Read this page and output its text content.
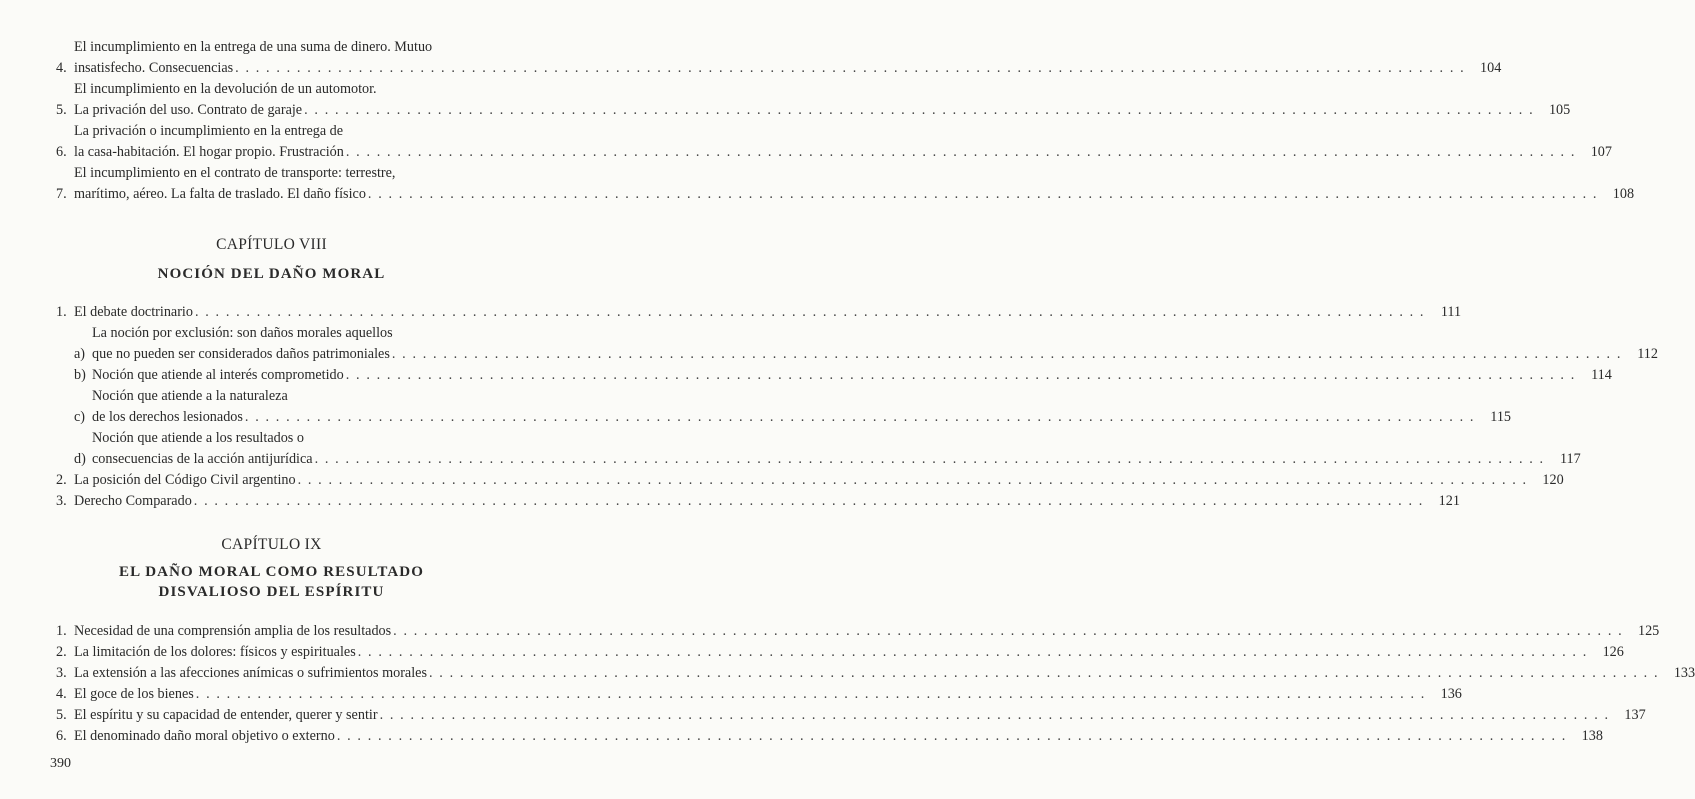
4.
El incumplimiento en la entrega de una suma de dinero. Mutuo
insatisfecho. Consecuencias . . . . . . . . . . . . . . . . . . . . . . . . . . . . . . . . . . . . . . . . . . . . . . . . . . . . . . . . . . . . . . . . . . . . . . . . . . . . . . . . . . . . . . . . . . . . . . . . . . . . . . . . . . . . . . . . . . . . . . . .	104
5.
El incumplimiento en la devolución de un automotor.
La privación del uso. Contrato de garaje . . . . . . . . . . . . . . . . . . . . . . . . . . . . . . . . . . . . . . . . . . . . . . . . . . . . . . . . . . . . . . . . . . . . . . . . . . . . . . . . . . . . . . . . . . . . . . . . . . . . . . . . . . . . . . . . . . . . . . . .	105
6.
La privación o incumplimiento en la entrega de
la casa-habitación. El hogar propio. Frustración . . . . . . . . . . . . . . . . . . . . . . . . . . . . . . . . . . . . . . . . . . . . . . . . . . . . . . . . . . . . . . . . . . . . . . . . . . . . . . . . . . . . . . . . . . . . . . . . . . . . . . . . . . . . . . . . . . . . . . . .	107
7.
El incumplimiento en el contrato de transporte: terrestre,
marítimo, aéreo. La falta de traslado. El daño físico . . . . . . . . . . . . . . . . . . . . . . . . . . . . . . . . . . . . . . . . . . . . . . . . . . . . . . . . . . . . . . . . . . . . . . . . . . . . . . . . . . . . . . . . . . . . . . . . . . . . . . . . . . . . . . . . . . . . . . . .	108
CAPÍTULO VIII
NOCIÓN DEL DAÑO MORAL
1. El debate doctrinario . . . . . . . . . . . . . . . . . . . . . . . . . . . . . . . . . . . . . . . . . . . . . . . . . . . . . . . . . . . . . . . . . . . . . . . . . . . . . . . . . . . . . . . . . . . . . . . . . . . . . . . . . . . . . . . . . . . . . . . .	111
a)
La noción por exclusión: son daños morales aquellos
que no pueden ser considerados daños patrimoniales . . . . . . . . . . . . . . . . . . . . . . . . . . . . . . . . . . . . . . . . . . . . . . . . . . . . . . . . . . . . . . . . . . . . . . . . . . . . . . . . . . . . . . . . . . . . . . . . . . . . . . . . . . . . . . . . . . . . . . . .	112
b) Noción que atiende al interés comprometido . . . . . . . . . . . . . . . . . . . . . . . . . . . . . . . . . . . . . . . . . . . . . . . . . . . . . . . . . . . . . . . . . . . . . . . . . . . . . . . . . . . . . . . . . . . . . . . . . . . . . . . . . . . . . . . . . . . . . . . .	114
c)
Noción que atiende a la naturaleza
de los derechos lesionados . . . . . . . . . . . . . . . . . . . . . . . . . . . . . . . . . . . . . . . . . . . . . . . . . . . . . . . . . . . . . . . . . . . . . . . . . . . . . . . . . . . . . . . . . . . . . . . . . . . . . . . . . . . . . . . . . . . . . . . .	115
d)
Noción que atiende a los resultados o
consecuencias de la acción antijurídica . . . . . . . . . . . . . . . . . . . . . . . . . . . . . . . . . . . . . . . . . . . . . . . . . . . . . . . . . . . . . . . . . . . . . . . . . . . . . . . . . . . . . . . . . . . . . . . . . . . . . . . . . . . . . . . . . . . . . . . .	117
2. La posición del Código Civil argentino . . . . . . . . . . . . . . . . . . . . . . . . . . . . . . . . . . . . . . . . . . . . . . . . . . . . . . . . . . . . . . . . . . . . . . . . . . . . . . . . . . . . . . . . . . . . . . . . . . . . . . . . . . . . . . . . . . . . . . . .	120
3. Derecho Comparado . . . . . . . . . . . . . . . . . . . . . . . . . . . . . . . . . . . . . . . . . . . . . . . . . . . . . . . . . . . . . . . . . . . . . . . . . . . . . . . . . . . . . . . . . . . . . . . . . . . . . . . . . . . . . . . . . . . . . . . .	121
CAPÍTULO IX
EL DAÑO MORAL COMO RESULTADO
DISVALIOSO DEL ESPÍRITU
1. Necesidad de una comprensión amplia de los resultados . . . . . . . . . . . . . . . . . . . . . . . . . . . . . . . . . . . . . . . . . . . . . . . . . . . . . . . . . . . . . . . . . . . . . . . . . . . . . . . . . . . . . . . . . . . . . . . . . . . . . . . . . . . . . . . . . . . . . . . .	125
2. La limitación de los dolores: físicos y espirituales . . . . . . . . . . . . . . . . . . . . . . . . . . . . . . . . . . . . . . . . . . . . . . . . . . . . . . . . . . . . . . . . . . . . . . . . . . . . . . . . . . . . . . . . . . . . . . . . . . . . . . . . . . . . . . . . . . . . . . . .	126
3. La extensión a las afecciones anímicas o sufrimientos morales . . . . . . . . . . . . . . . . . . . . . . . . . . . . . . . . . . . . . . . . . . . . . . . . . . . . . . . . . . . . . . . . . . . . . . . . . . . . . . . . . . . . . . . . . . . . . . . . . . . . . . . . . . . . . . . . . . . . . . . .	133
4. El goce de los bienes . . . . . . . . . . . . . . . . . . . . . . . . . . . . . . . . . . . . . . . . . . . . . . . . . . . . . . . . . . . . . . . . . . . . . . . . . . . . . . . . . . . . . . . . . . . . . . . . . . . . . . . . . . . . . . . . . . . . . . . .	136
5. El espíritu y su capacidad de entender, querer y sentir . . . . . . . . . . . . . . . . . . . . . . . . . . . . . . . . . . . . . . . . . . . . . . . . . . . . . . . . . . . . . . . . . . . . . . . . . . . . . . . . . . . . . . . . . . . . . . . . . . . . . . . . . . . . . . . . . . . . . . . .	137
6. El denominado daño moral objetivo o externo . . . . . . . . . . . . . . . . . . . . . . . . . . . . . . . . . . . . . . . . . . . . . . . . . . . . . . . . . . . . . . . . . . . . . . . . . . . . . . . . . . . . . . . . . . . . . . . . . . . . . . . . . . . . . . . . . . . . . . . .	138
390
